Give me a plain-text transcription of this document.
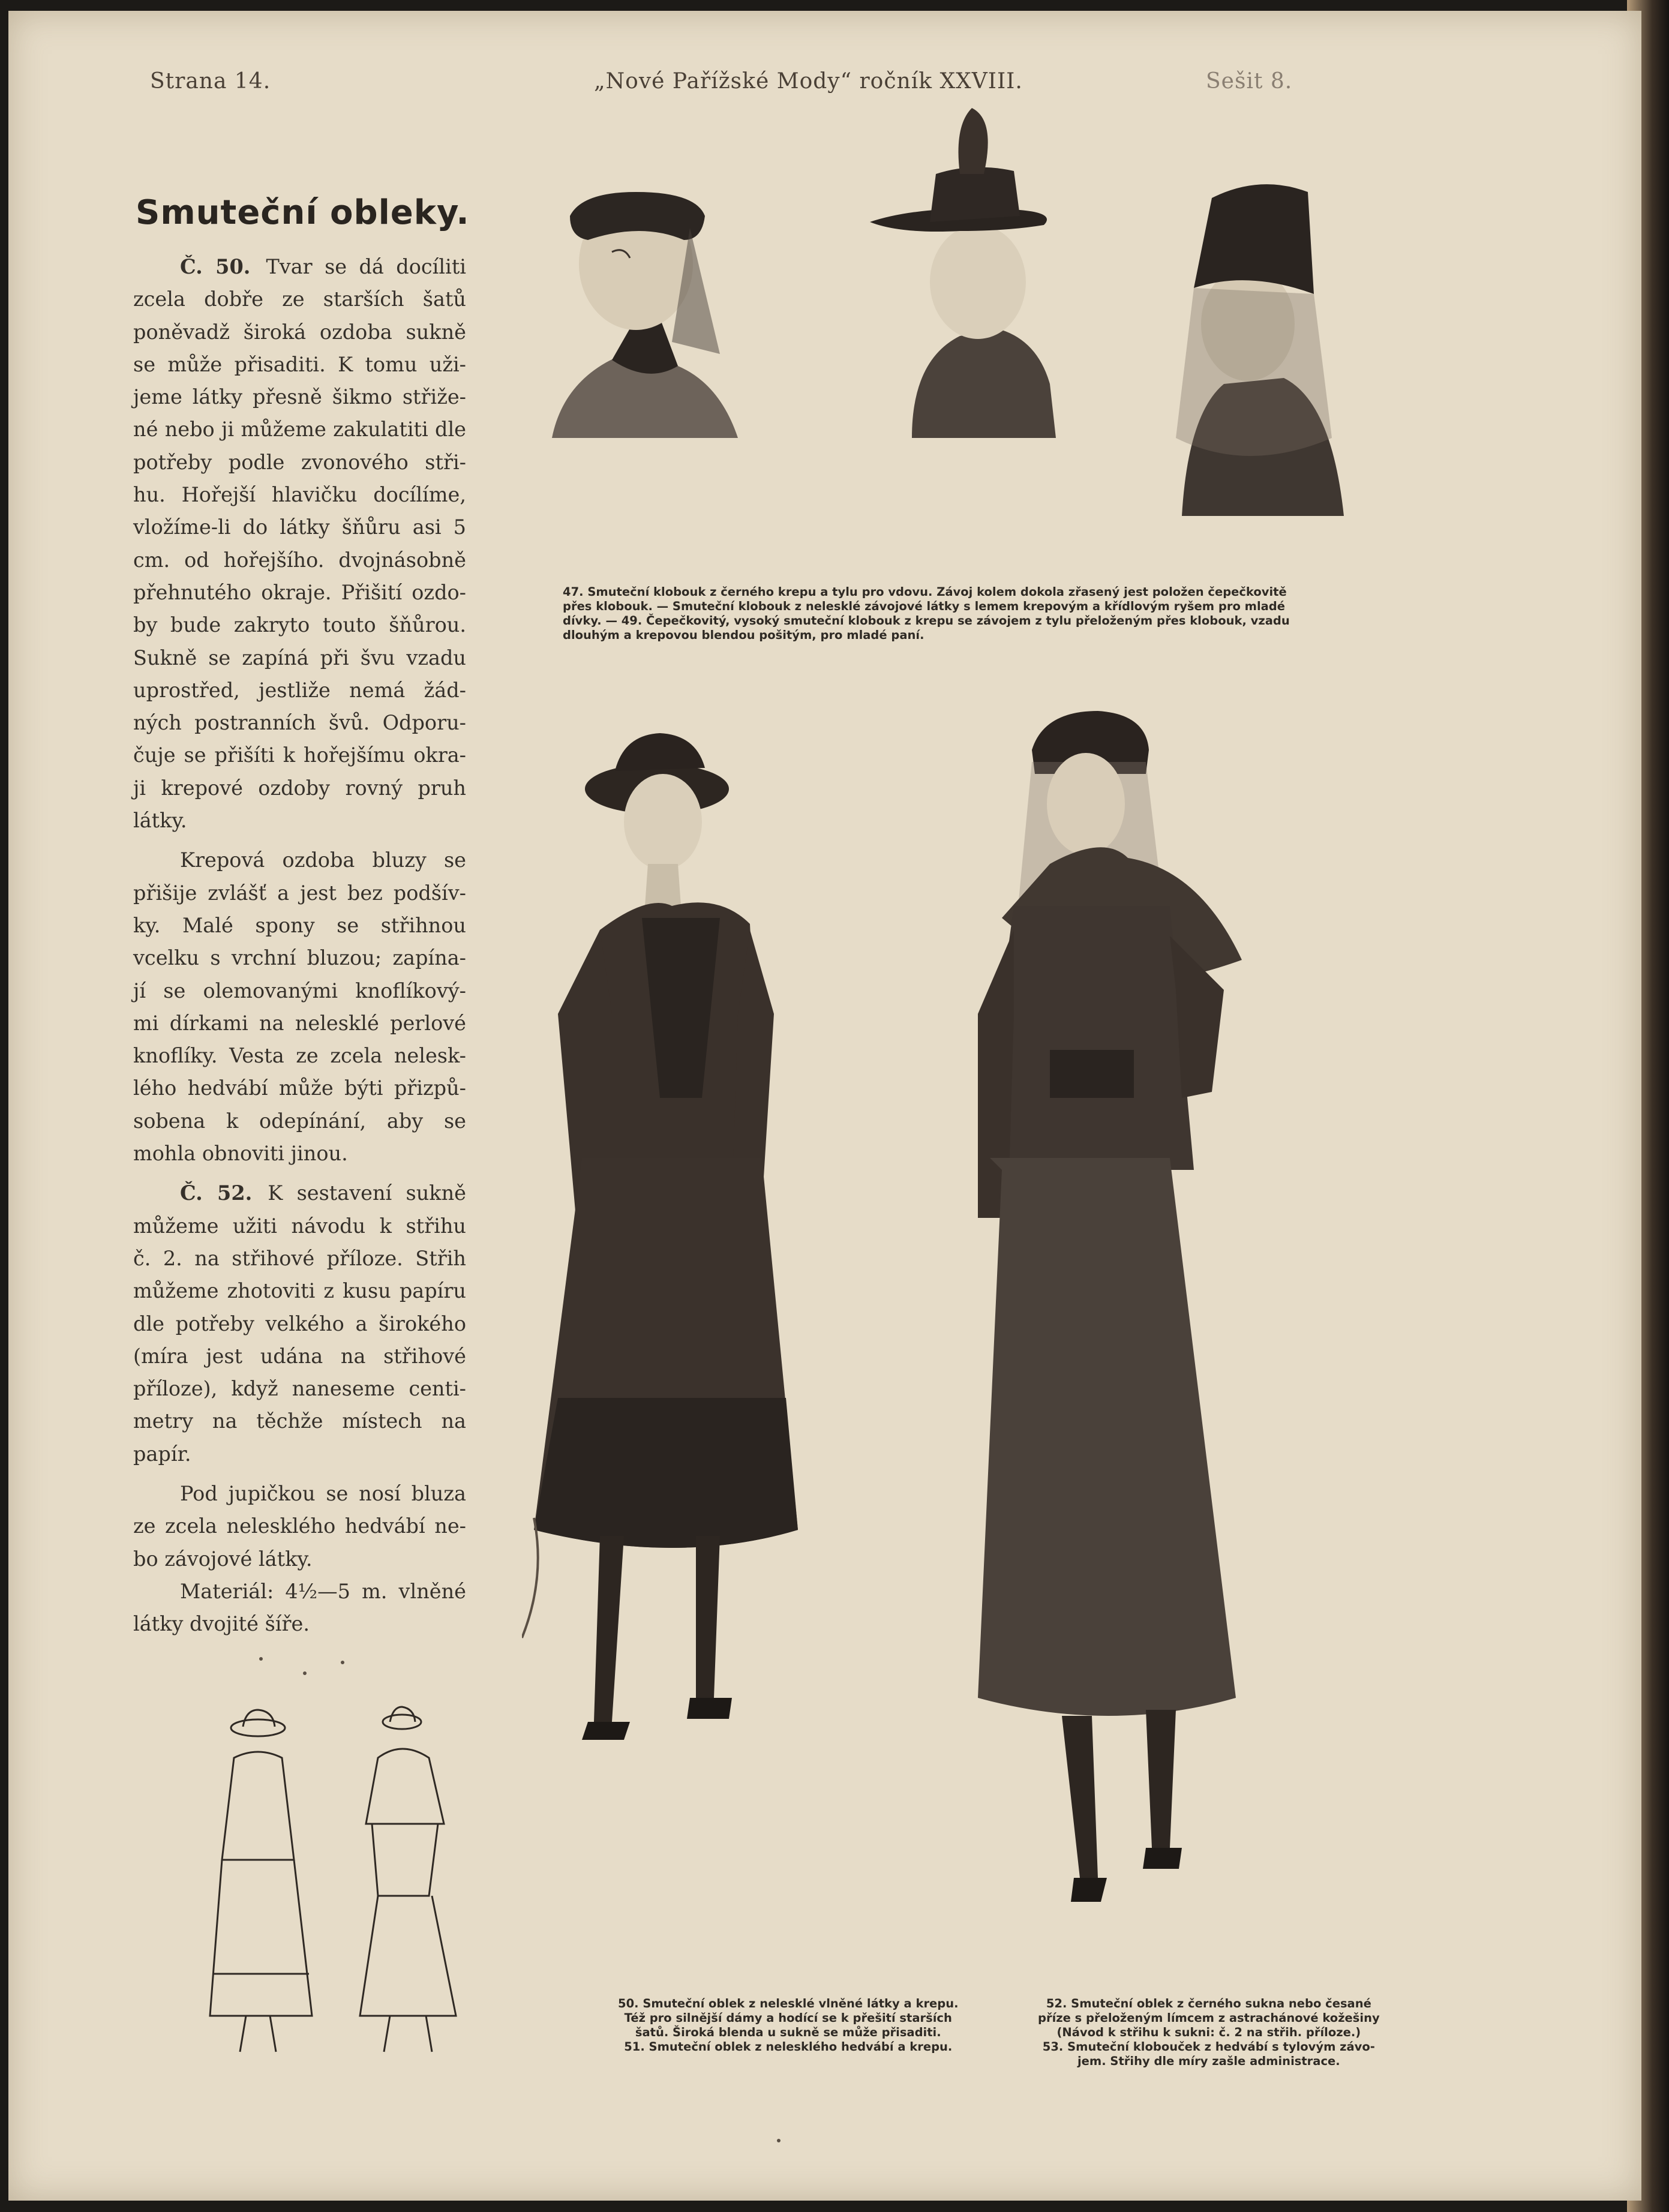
Strana 14.	„Nové Pařížské Mody“ ročník XXVIII.	Sešit 8.
Smuteční obleky.
Č. 50. Tvar se dá docíliti
zcela dobře ze starších šatů
poněvadž široká ozdoba sukně
se může přisaditi. K tomu uži-
jeme látky přesně šikmo střiže-
né nebo ji můžeme zakulatiti dle
potřeby podle zvonového stři-
hu. Hořejší hlavičku docílíme,
vložíme-li do látky šňůru asi 5
cm. od hořejšího. dvojnásobně
přehnutého okraje. Přišití ozdo-
by bude zakryto touto šňůrou.
Sukně se zapíná při švu vzadu
uprostřed, jestliže nemá žád-
ných postranních švů. Odporu-
čuje se přišíti k hořejšímu okra-
ji krepové ozdoby rovný pruh
látky.
Krepová ozdoba bluzy se
přišije zvlášť a jest bez podšív-
ky. Malé spony se střihnou
vcelku s vrchní bluzou; zapína-
jí se olemovanými knoflíkový-
mi dírkami na nelesklé perlové
knoflíky. Vesta ze zcela nelesk-
lého hedvábí může býti přizpů-
sobena k odepínání, aby se
mohla obnoviti jinou.
Č. 52. K sestavení sukně
můžeme užiti návodu k střihu
č. 2. na střihové příloze. Střih
můžeme zhotoviti z kusu papíru
dle potřeby velkého a širokého
(míra jest udána na střihové
příloze), když naneseme centi-
metry na těchže místech na
papír.
Pod jupičkou se nosí bluza
ze zcela nelesklého hedvábí ne-
bo závojové látky.
Materiál: 4½—5 m. vlněné
látky dvojité šíře.
47. Smuteční klobouk z černého krepu a tylu pro vdovu. Závoj kolem dokola zřasený jest položen čepečkovitě
přes klobouk. — Smuteční klobouk z nelesklé závojové látky s lemem krepovým a křídlovým ryšem pro mladé
dívky. — 49. Čepečkovitý, vysoký smuteční klobouk z krepu se závojem z tylu přeloženým přes klobouk, vzadu
dlouhým a krepovou blendou pošitým, pro mladé paní.
50. Smuteční oblek z nelesklé vlněné látky a krepu.
Též pro silnější dámy a hodící se k přešití starších
šatů. Široká blenda u sukně se může přisaditi.
51. Smuteční oblek z nelesklého hedvábí a krepu.
52. Smuteční oblek z černého sukna nebo česané
příze s přeloženým límcem z astrachánové kožešiny
(Návod k střihu k sukni: č. 2 na střih. příloze.)
53. Smuteční klobouček z hedvábí s tylovým závo-
jem. Střihy dle míry zašle administrace.
